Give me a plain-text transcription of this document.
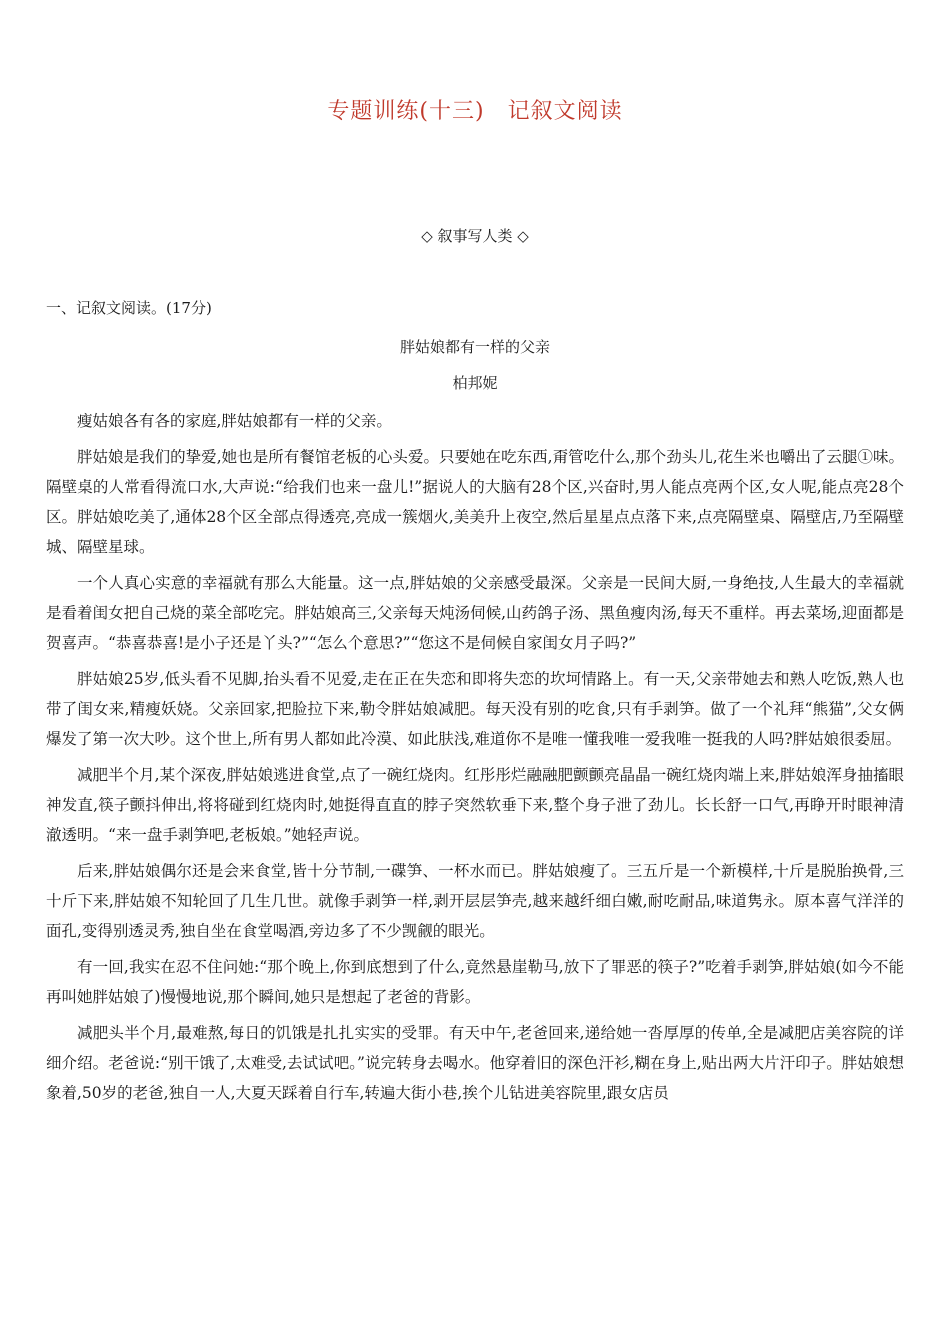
专题训练(十三)　记叙文阅读
◇ 叙事写人类 ◇
一、记叙文阅读。(17分)
胖姑娘都有一样的父亲
柏邦妮

瘦姑娘各有各的家庭,胖姑娘都有一样的父亲。

胖姑娘是我们的挚爱,她也是所有餐馆老板的心头爱。只要她在吃东西,甭管吃什么,那个劲头儿,花生米也嚼出了云腿①味。隔壁桌的人常看得流口水,大声说:“给我们也来一盘儿!”据说人的大脑有28个区,兴奋时,男人能点亮两个区,女人呢,能点亮28个区。胖姑娘吃美了,通体28个区全部点得透亮,亮成一簇烟火,美美升上夜空,然后星星点点落下来,点亮隔壁桌、隔壁店,乃至隔壁城、隔壁星球。

一个人真心实意的幸福就有那么大能量。这一点,胖姑娘的父亲感受最深。父亲是一民间大厨,一身绝技,人生最大的幸福就是看着闺女把自己烧的菜全部吃完。胖姑娘高三,父亲每天炖汤伺候,山药鸽子汤、黑鱼瘦肉汤,每天不重样。再去菜场,迎面都是贺喜声。“恭喜恭喜!是小子还是丫头?”“怎么个意思?”“您这不是伺候自家闺女月子吗?”

胖姑娘25岁,低头看不见脚,抬头看不见爱,走在正在失恋和即将失恋的坎坷情路上。有一天,父亲带她去和熟人吃饭,熟人也带了闺女来,精瘦妖娆。父亲回家,把脸拉下来,勒令胖姑娘减肥。每天没有别的吃食,只有手剥笋。做了一个礼拜“熊猫”,父女俩爆发了第一次大吵。这个世上,所有男人都如此冷漠、如此肤浅,难道你不是唯一懂我唯一爱我唯一挺我的人吗?胖姑娘很委屈。

减肥半个月,某个深夜,胖姑娘逃进食堂,点了一碗红烧肉。红彤彤烂融融肥颤颤亮晶晶一碗红烧肉端上来,胖姑娘浑身抽搐眼神发直,筷子颤抖伸出,将将碰到红烧肉时,她挺得直直的脖子突然软垂下来,整个身子泄了劲儿。长长舒一口气,再睁开时眼神清澈透明。“来一盘手剥笋吧,老板娘。”她轻声说。

后来,胖姑娘偶尔还是会来食堂,皆十分节制,一碟笋、一杯水而已。胖姑娘瘦了。三五斤是一个新模样,十斤是脱胎换骨,三十斤下来,胖姑娘不知轮回了几生几世。就像手剥笋一样,剥开层层笋壳,越来越纤细白嫩,耐吃耐品,味道隽永。原本喜气洋洋的面孔,变得别透灵秀,独自坐在食堂喝酒,旁边多了不少觊觎的眼光。

有一回,我实在忍不住问她:“那个晚上,你到底想到了什么,竟然悬崖勒马,放下了罪恶的筷子?”吃着手剥笋,胖姑娘(如今不能再叫她胖姑娘了)慢慢地说,那个瞬间,她只是想起了老爸的背影。

减肥头半个月,最难熬,每日的饥饿是扎扎实实的受罪。有天中午,老爸回来,递给她一沓厚厚的传单,全是减肥店美容院的详细介绍。老爸说:“别干饿了,太难受,去试试吧。”说完转身去喝水。他穿着旧的深色汗衫,糊在身上,贴出两大片汗印子。胖姑娘想象着,50岁的老爸,独自一人,大夏天踩着自行车,转遍大街小巷,挨个儿钻进美容院里,跟女店员
